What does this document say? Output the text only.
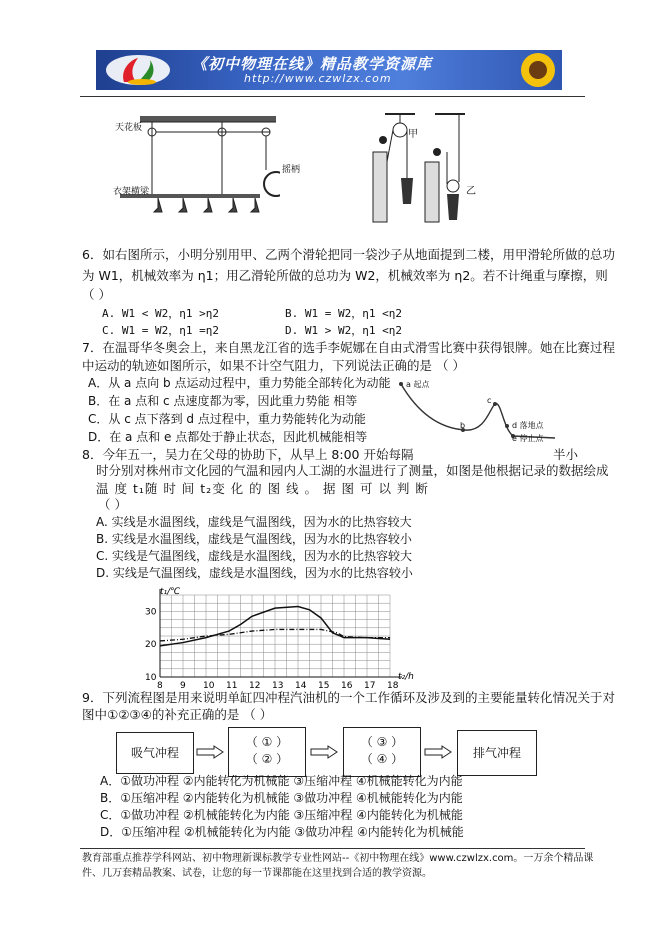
《初中物理在线》精品教学资源库
http://www.czwlzx.com
天花板
衣架横梁
摇柄
甲
乙
6．如右图所示，小明分别用甲、乙两个滑轮把同一袋沙子从地面提到二楼，用甲滑轮所做的总功
为 W1，机械效率为 η1；用乙滑轮所做的总功为 W2，机械效率为 η2。若不计绳重与摩擦，则
（ ）
A. W1 < W2，η1 >η2	B. W1 = W2，η1 <η2
C. W1 = W2，η1 =η2	D. W1 > W2，η1 <η2
7．在温哥华冬奥会上，来自黑龙江省的选手李妮娜在自由式滑雪比赛中获得银牌。她在比赛过程
中运动的轨迹如图所示，如果不计空气阻力，下列说法正确的是 （ ）
A．从 a 点向 b 点运动过程中，重力势能全部转化为动能
B．在 a 点和 c 点速度都为零，因此重力势能 相等
C．从 c 点下落到 d 点过程中，重力势能转化为动能
D．在 a 点和 e 点都处于静止状态，因此机械能相等
a 起点
b
c
d 落地点
e 停止点
8．今年五一，吴力在父母的协助下，从早上 8:00 开始每隔	半小
时分别对株州市文化园的气温和园内人工湖的水温进行了测量，如图是他根据记录的数据绘成
温 度 t₁随 时 间 t₂变 化 的 图 线 。 据 图 可 以 判 断
（ ）
A. 实线是水温图线，虚线是气温图线，因为水的比热容较大
B. 实线是水温图线，虚线是气温图线，因为水的比热容较小
C. 实线是气温图线，虚线是水温图线，因为水的比热容较大
D. 实线是气温图线，虚线是水温图线，因为水的比热容较小
8 9 10 11 12 13 14 15 16 17 18
10
20
30
t₁/℃
t₂/h
9．下列流程图是用来说明单缸四冲程汽油机的一个工作循环及涉及到的主要能量转化情况关于对
图中①②③④的补充正确的是 （ ）
吸气冲程
（ ① ）
（ ② ）
（ ③ ）
（ ④ ）	排气冲程
A．①做功冲程 ②内能转化为机械能 ③压缩冲程 ④机械能转化为内能
B．①压缩冲程 ②内能转化为机械能 ③做功冲程 ④机械能转化为内能
C．①做功冲程 ②机械能转化为内能 ③压缩冲程 ④内能转化为机械能
D．①压缩冲程 ②机械能转化为内能 ③做功冲程 ④内能转化为机械能
教育部重点推荐学科网站、初中物理新课标教学专业性网站--《初中物理在线》www.czwlzx.com。一万余个精品课
件、几万套精品教案、试卷，让您的每一节课都能在这里找到合适的教学资源。
